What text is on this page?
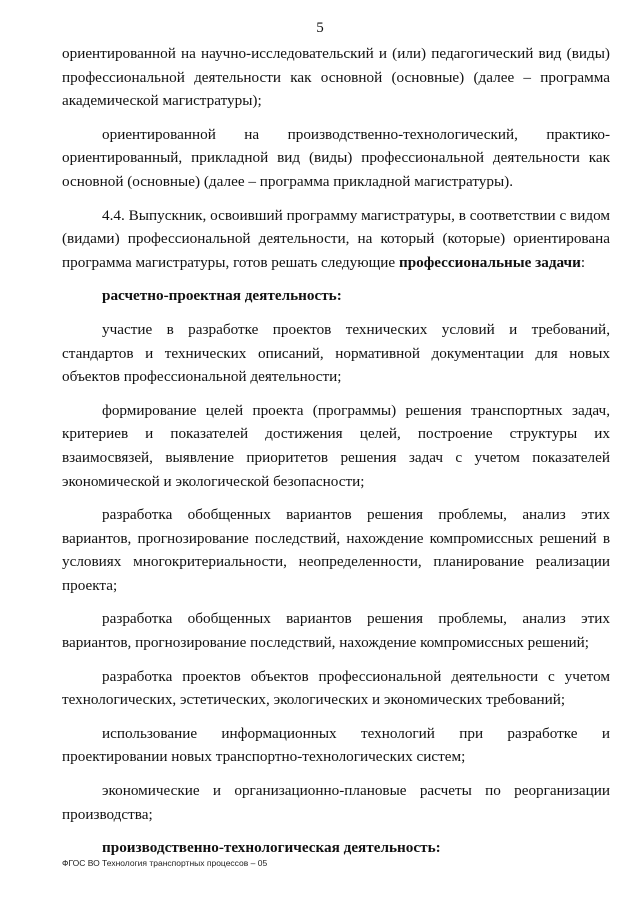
5

ориентированной на научно-исследовательский и (или) педагогический вид (виды) профессиональной деятельности как основной (основные) (далее – программа академической магистратуры);

ориентированной на производственно-технологический, практико-ориентированный, прикладной вид (виды) профессиональной деятельности как основной (основные) (далее – программа прикладной магистратуры).

4.4. Выпускник, освоивший программу магистратуры, в соответствии с видом (видами) профессиональной деятельности, на который (которые) ориентирована программа магистратуры, готов решать следующие профессиональные задачи:

расчетно-проектная деятельность:

участие в разработке проектов технических условий и требований, стандартов и технических описаний, нормативной документации для новых объектов профессиональной деятельности;

формирование целей проекта (программы) решения транспортных задач, критериев и показателей достижения целей, построение структуры их взаимосвязей, выявление приоритетов решения задач с учетом показателей экономической и экологической безопасности;

разработка обобщенных вариантов решения проблемы, анализ этих вариантов, прогнозирование последствий, нахождение компромиссных решений в условиях многокритериальности, неопределенности, планирование реализации проекта;

разработка обобщенных вариантов решения проблемы, анализ этих вариантов, прогнозирование последствий, нахождение компромиссных решений;

разработка проектов объектов профессиональной деятельности с учетом технологических, эстетических, экологических и экономических требований;

использование информационных технологий при разработке и проектировании новых транспортно-технологических систем;

экономические и организационно-плановые расчеты по реорганизации производства;

производственно-технологическая деятельность:

ФГОС ВО Технология транспортных процессов – 05
